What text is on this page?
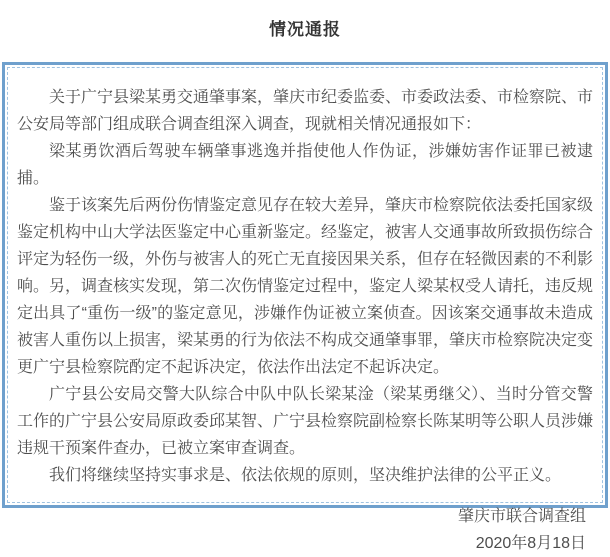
情况通报

关于广宁县梁某勇交通肇事案，肇庆市纪委监委、市委政法委、市检察院、市公安局等部门组成联合调查组深入调查，现就相关情况通报如下：

梁某勇饮酒后驾驶车辆肇事逃逸并指使他人作伪证，涉嫌妨害作证罪已被逮捕。

鉴于该案先后两份伤情鉴定意见存在较大差异，肇庆市检察院依法委托国家级鉴定机构中山大学法医鉴定中心重新鉴定。经鉴定，被害人交通事故所致损伤综合评定为轻伤一级，外伤与被害人的死亡无直接因果关系，但存在轻微因素的不利影响。另，调查核实发现，第二次伤情鉴定过程中，鉴定人梁某权受人请托，违反规定出具了“重伤一级”的鉴定意见，涉嫌作伪证被立案侦查。因该案交通事故未造成被害人重伤以上损害，梁某勇的行为依法不构成交通肇事罪，肇庆市检察院决定变更广宁县检察院酌定不起诉决定，依法作出法定不起诉决定。

广宁县公安局交警大队综合中队中队长梁某淦（梁某勇继父）、当时分管交警工作的广宁县公安局原政委邱某智、广宁县检察院副检察长陈某明等公职人员涉嫌违规干预案件查办，已被立案审查调查。

我们将继续坚持实事求是、依法依规的原则，坚决维护法律的公平正义。

肇庆市联合调查组
2020年8月18日
